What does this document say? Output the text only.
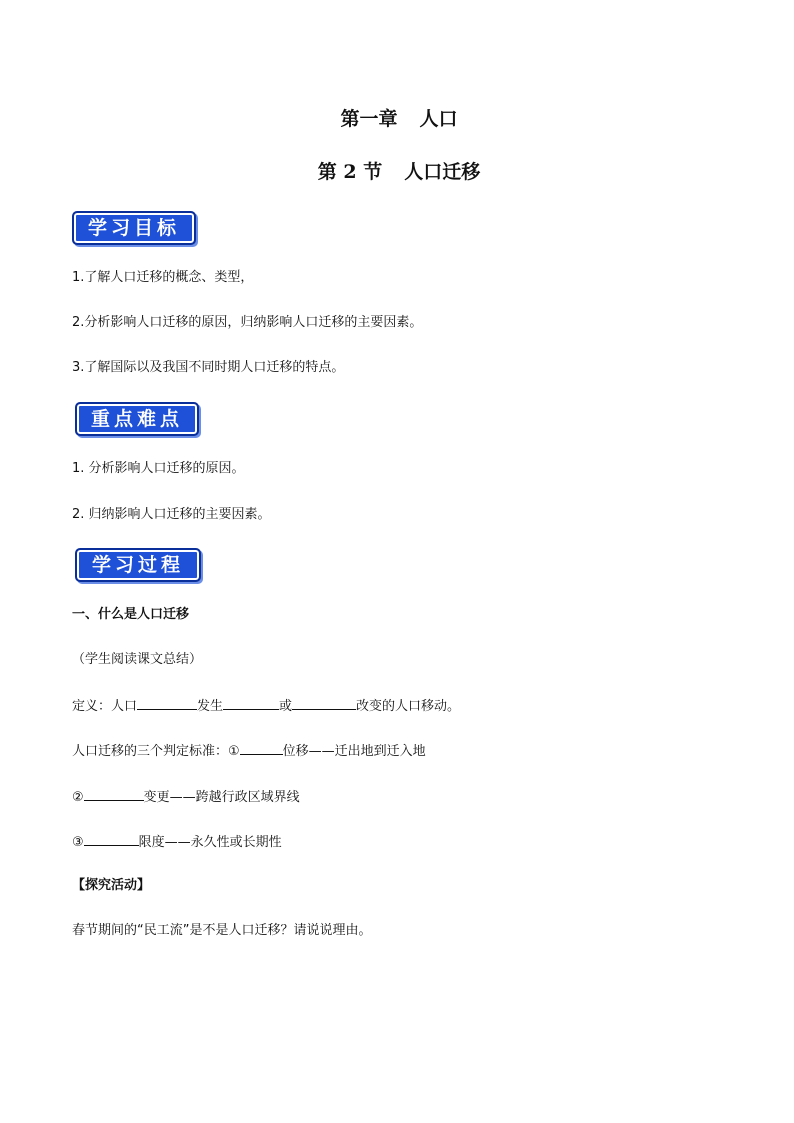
第一章 人口
第 2 节 人口迁移
学习目标
1.了解人口迁移的概念、类型，
2.分析影响人口迁移的原因，归纳影响人口迁移的主要因素。
3.了解国际以及我国不同时期人口迁移的特点。
重点难点
1. 分析影响人口迁移的原因。
2. 归纳影响人口迁移的主要因素。
学习过程
一、什么是人口迁移
（学生阅读课文总结）
定义：人口	发生	或	改变的人口移动。
人口迁移的三个判定标准：①	位移——迁出地到迁入地
②	变更——跨越行政区域界线
③	限度——永久性或长期性
【探究活动】
春节期间的“民工流”是不是人口迁移？请说说理由。
